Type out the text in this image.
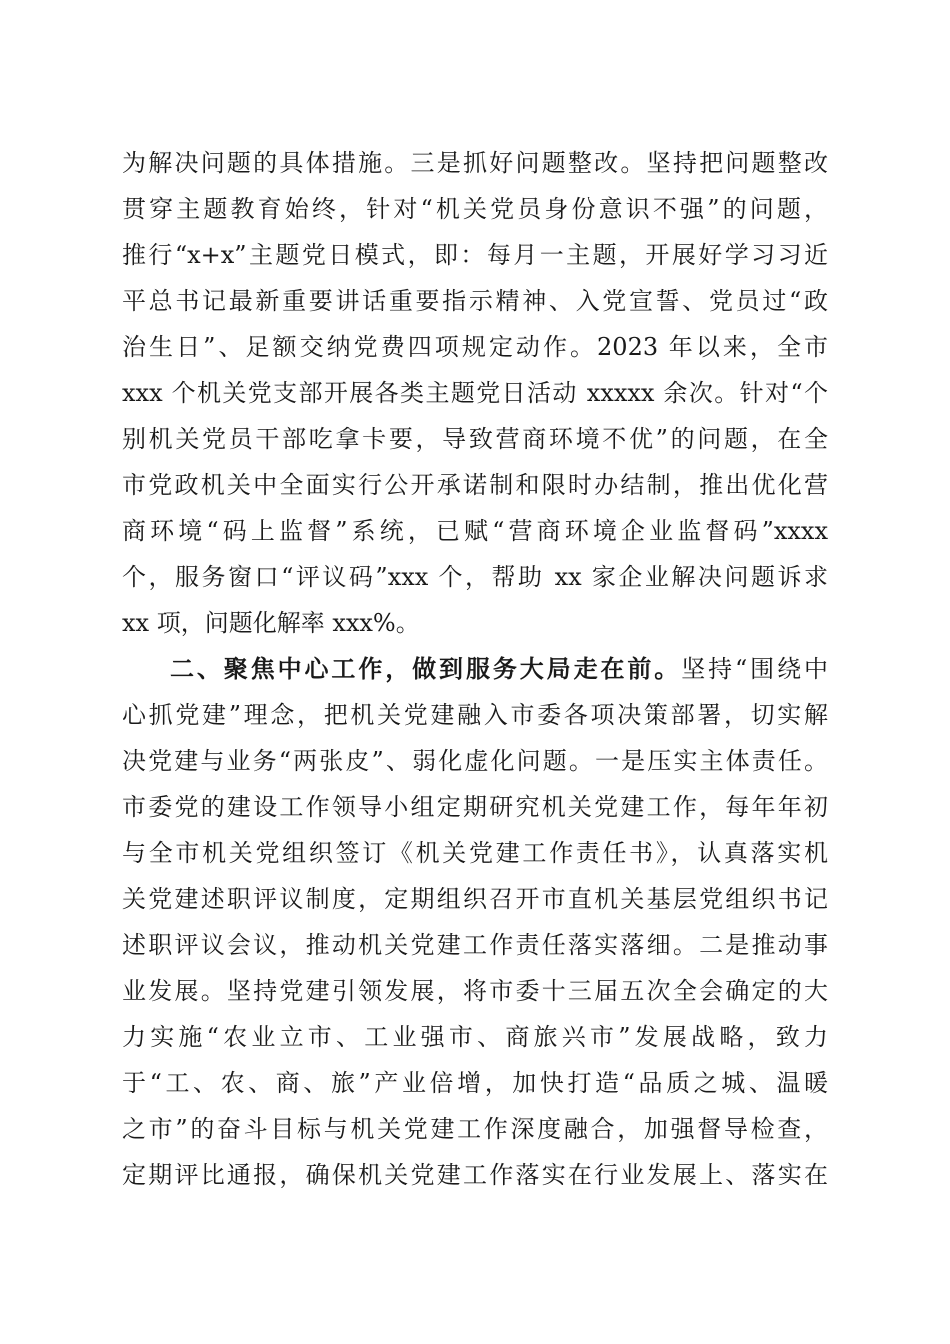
为解决问题的具体措施。三是抓好问题整改。坚持把问题整改
贯穿主题教育始终，针对“机关党员身份意识不强”的问题，
推行“x+x”主题党日模式，即：每月一主题，开展好学习习近
平总书记最新重要讲话重要指示精神、入党宣誓、党员过“政
治生日”、足额交纳党费四项规定动作。2023 年以来，全市
xxx 个机关党支部开展各类主题党日活动 xxxxx 余次。针对“个
别机关党员干部吃拿卡要，导致营商环境不优”的问题，在全
市党政机关中全面实行公开承诺制和限时办结制，推出优化营
商环境“码上监督”系统，已赋“营商环境企业监督码”xxxx
个，服务窗口“评议码”xxx 个，帮助 xx 家企业解决问题诉求
xx 项，问题化解率 xxx%。
二、聚焦中心工作，做到服务大局走在前。坚持“围绕中
心抓党建”理念，把机关党建融入市委各项决策部署，切实解
决党建与业务“两张皮”、弱化虚化问题。一是压实主体责任。
市委党的建设工作领导小组定期研究机关党建工作，每年年初
与全市机关党组织签订《机关党建工作责任书》，认真落实机
关党建述职评议制度，定期组织召开市直机关基层党组织书记
述职评议会议，推动机关党建工作责任落实落细。二是推动事
业发展。坚持党建引领发展，将市委十三届五次全会确定的大
力实施“农业立市、工业强市、商旅兴市”发展战略，致力
于“工、农、商、旅”产业倍增，加快打造“品质之城、温暖
之市”的奋斗目标与机关党建工作深度融合，加强督导检查，
定期评比通报，确保机关党建工作落实在行业发展上、落实在
